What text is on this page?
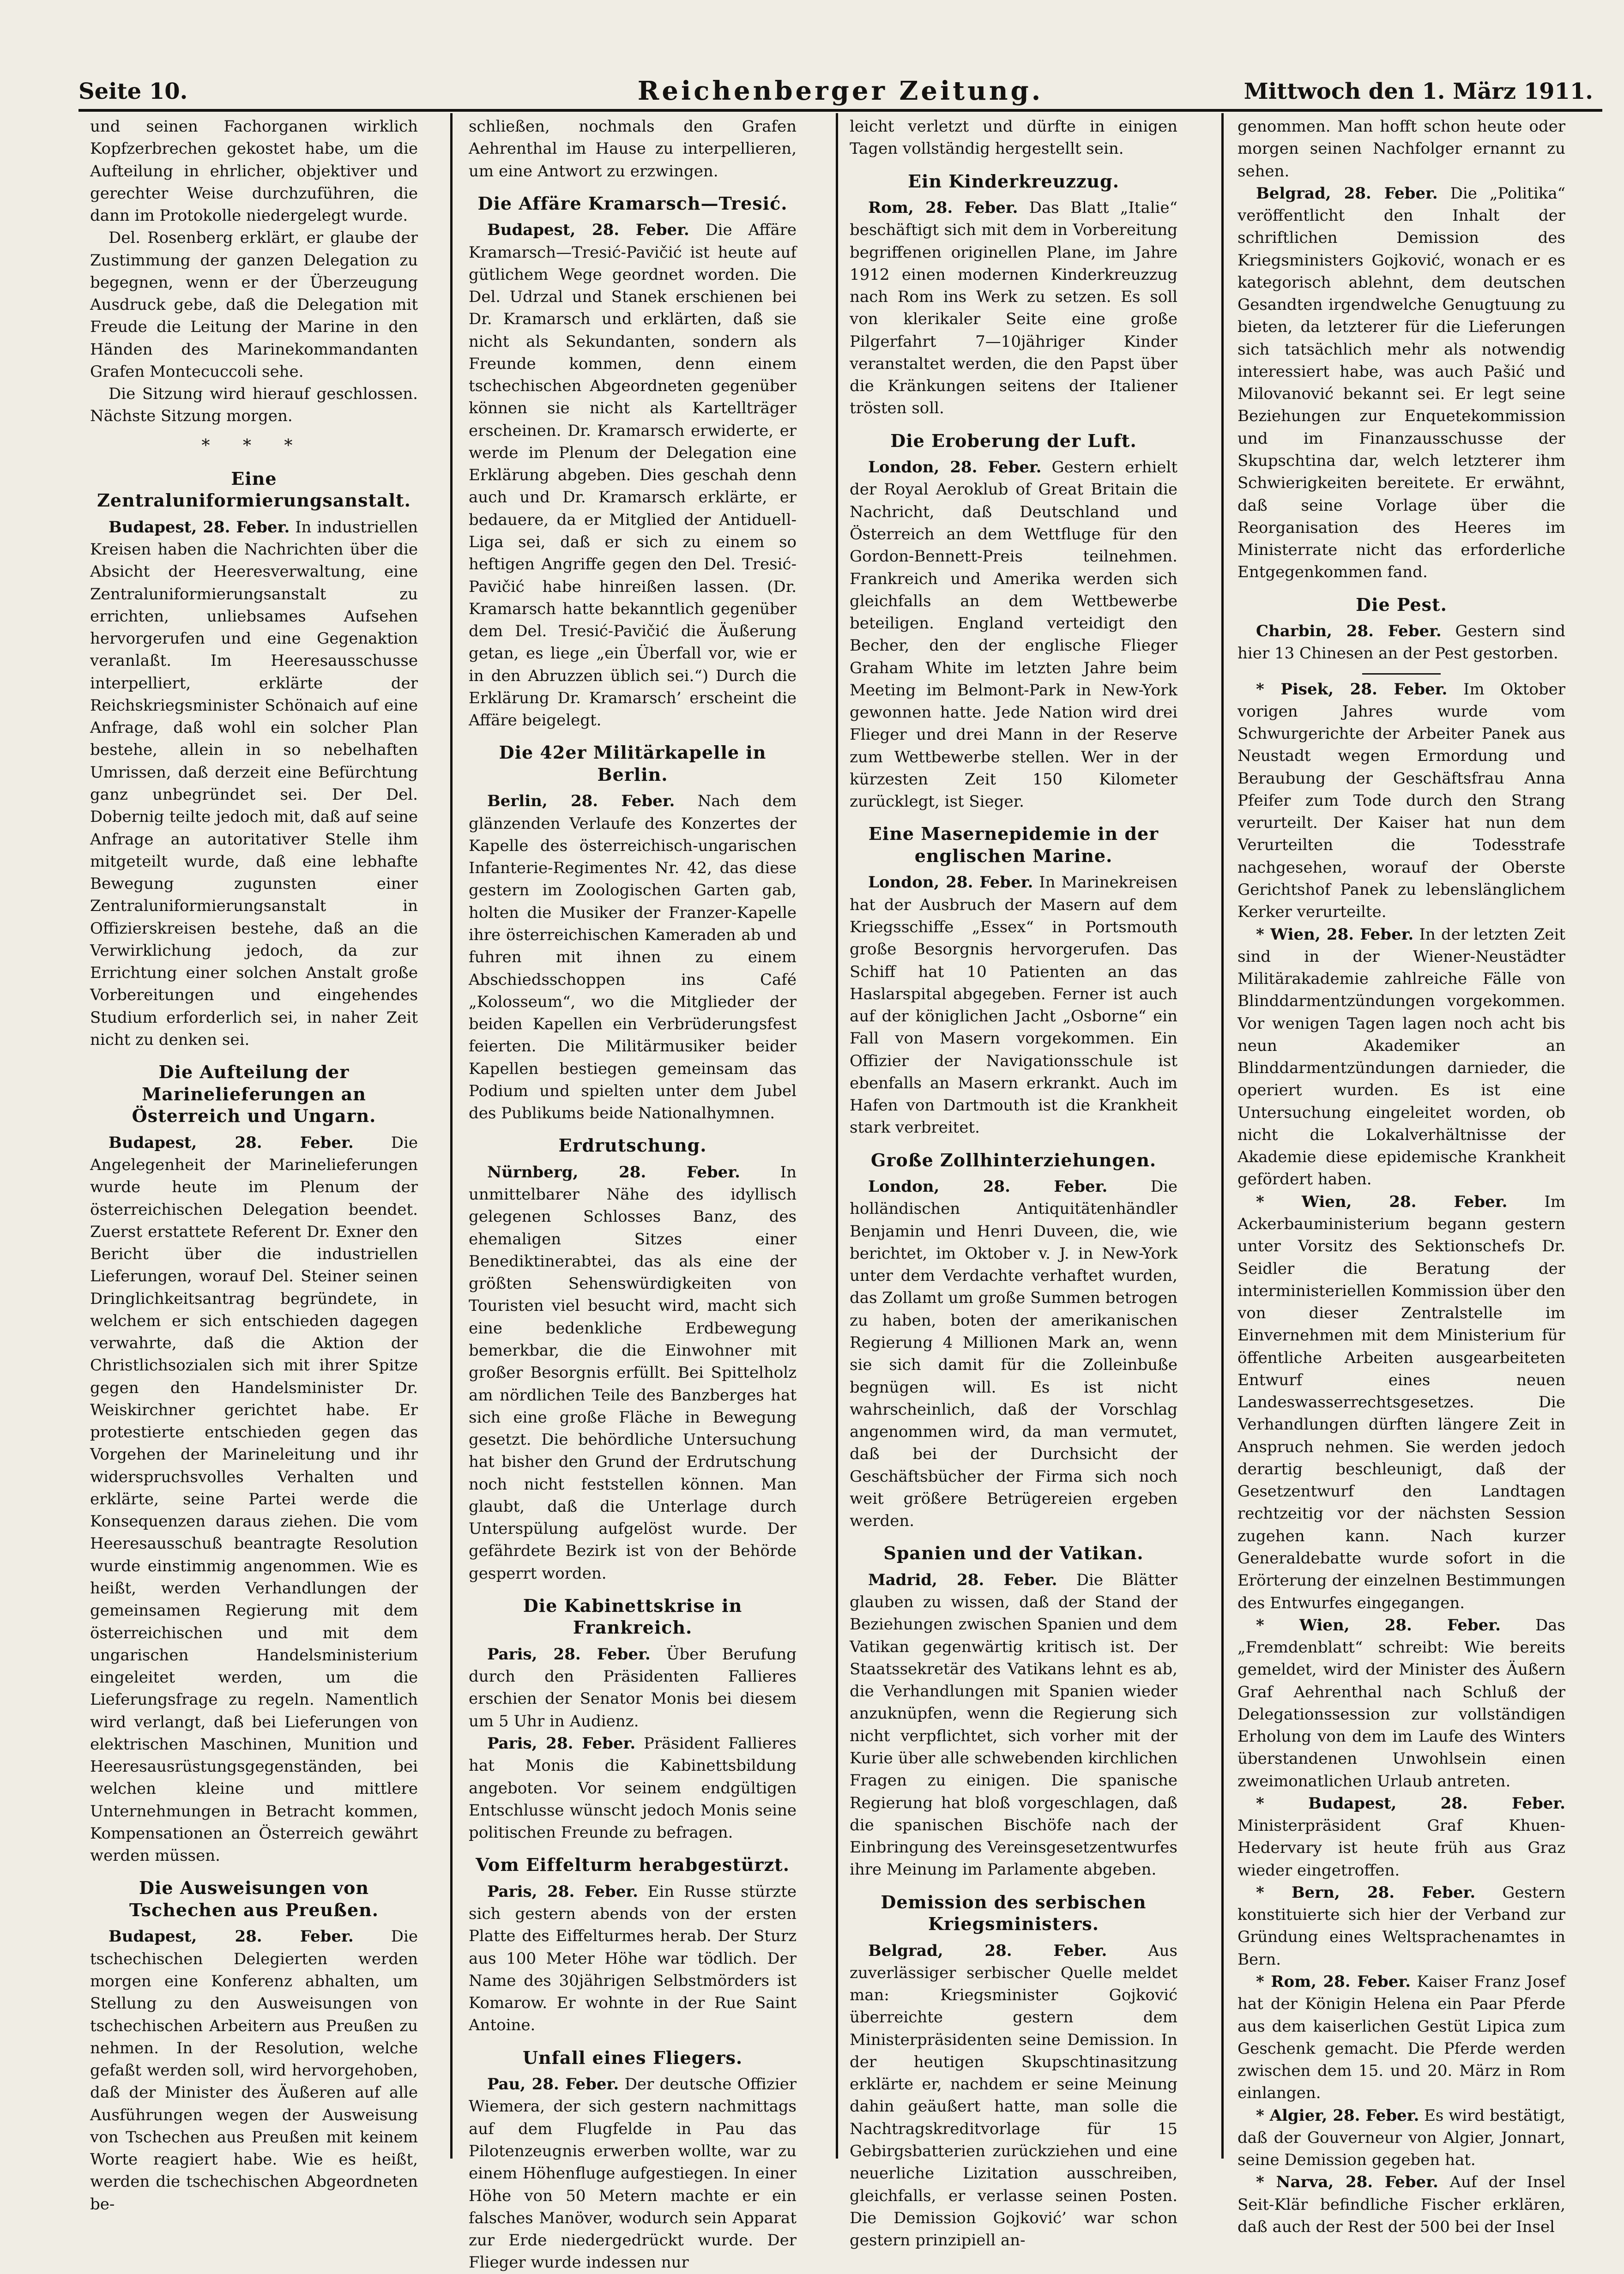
Seite 10.	Reichenberger Zeitung.	Mittwoch den 1. März 1911.

und seinen Fachorganen wirklich Kopfzerbrechen gekostet habe, um die Aufteilung in ehrlicher, objektiver und gerechter Weise durchzuführen, die dann im Protokolle niedergelegt wurde.

Del. Rosenberg erklärt, er glaube der Zustimmung der ganzen Delegation zu begegnen, wenn er der Überzeugung Ausdruck gebe, daß die Delegation mit Freude die Leitung der Marine in den Händen des Marinekommandanten Grafen Montecuccoli sehe.

Die Sitzung wird hierauf geschlossen. Nächste Sitzung morgen.

* * *
Eine Zentraluniformierungsanstalt.

Budapest, 28. Feber. In industriellen Kreisen haben die Nachrichten über die Absicht der Heeresverwaltung, eine Zentraluniformierungsanstalt zu errichten, unliebsames Aufsehen hervorgerufen und eine Gegenaktion veranlaßt. Im Heeresausschusse interpelliert, erklärte der Reichskriegsminister Schönaich auf eine Anfrage, daß wohl ein solcher Plan bestehe, allein in so nebelhaften Umrissen, daß derzeit eine Befürchtung ganz unbegründet sei. Der Del. Dobernig teilte jedoch mit, daß auf seine Anfrage an autoritativer Stelle ihm mitgeteilt wurde, daß eine lebhafte Bewegung zugunsten einer Zentraluniformierungsanstalt in Offizierskreisen bestehe, daß an die Verwirklichung jedoch, da zur Errichtung einer solchen Anstalt große Vorbereitungen und eingehendes Studium erforderlich sei, in naher Zeit nicht zu denken sei.

Die Aufteilung der Marinelieferungen an Österreich und Ungarn.

Budapest, 28. Feber. Die Angelegenheit der Marinelieferungen wurde heute im Plenum der österreichischen Delegation beendet. Zuerst erstattete Referent Dr. Exner den Bericht über die industriellen Lieferungen, worauf Del. Steiner seinen Dringlichkeitsantrag begründete, in welchem er sich entschieden dagegen verwahrte, daß die Aktion der Christlichsozialen sich mit ihrer Spitze gegen den Handelsminister Dr. Weiskirchner gerichtet habe. Er protestierte entschieden gegen das Vorgehen der Marineleitung und ihr widerspruchsvolles Verhalten und erklärte, seine Partei werde die Konsequenzen daraus ziehen. Die vom Heeresausschuß beantragte Resolution wurde einstimmig angenommen. Wie es heißt, werden Verhandlungen der gemeinsamen Regierung mit dem österreichischen und mit dem ungarischen Handelsministerium eingeleitet werden, um die Lieferungsfrage zu regeln. Namentlich wird verlangt, daß bei Lieferungen von elektrischen Maschinen, Munition und Heeresausrüstungsgegenständen, bei welchen kleine und mittlere Unternehmungen in Betracht kommen, Kompensationen an Österreich gewährt werden müssen.

Die Ausweisungen von Tschechen aus Preußen.

Budapest, 28. Feber. Die tschechischen Delegierten werden morgen eine Konferenz abhalten, um Stellung zu den Ausweisungen von tschechischen Arbeitern aus Preußen zu nehmen. In der Resolution, welche gefaßt werden soll, wird hervorgehoben, daß der Minister des Äußeren auf alle Ausführungen wegen der Ausweisung von Tschechen aus Preußen mit keinem Worte reagiert habe. Wie es heißt, werden die tschechischen Abgeordneten be-

schließen, nochmals den Grafen Aehrenthal im Hause zu interpellieren, um eine Antwort zu erzwingen.

Die Affäre Kramarsch—Tresić.

Budapest, 28. Feber. Die Affäre Kramarsch—Tresić-Pavičić ist heute auf gütlichem Wege geordnet worden. Die Del. Udrzal und Stanek erschienen bei Dr. Kramarsch und erklärten, daß sie nicht als Sekundanten, sondern als Freunde kommen, denn einem tschechischen Abgeordneten gegenüber können sie nicht als Kartellträger erscheinen. Dr. Kramarsch erwiderte, er werde im Plenum der Delegation eine Erklärung abgeben. Dies geschah denn auch und Dr. Kramarsch erklärte, er bedauere, da er Mitglied der Antiduell-Liga sei, daß er sich zu einem so heftigen Angriffe gegen den Del. Tresić-Pavičić habe hinreißen lassen. (Dr. Kramarsch hatte bekanntlich gegenüber dem Del. Tresić-Pavičić die Äußerung getan, es liege „ein Überfall vor, wie er in den Abruzzen üblich sei.“) Durch die Erklärung Dr. Kramarsch’ erscheint die Affäre beigelegt.

Die 42er Militärkapelle in Berlin.

Berlin, 28. Feber. Nach dem glänzenden Verlaufe des Konzertes der Kapelle des österreichisch-ungarischen Infanterie-Regimentes Nr. 42, das diese gestern im Zoologischen Garten gab, holten die Musiker der Franzer-Kapelle ihre österreichischen Kameraden ab und fuhren mit ihnen zu einem Abschiedsschoppen ins Café „Kolosseum“, wo die Mitglieder der beiden Kapellen ein Verbrüderungsfest feierten. Die Militärmusiker beider Kapellen bestiegen gemeinsam das Podium und spielten unter dem Jubel des Publikums beide Nationalhymnen.

Erdrutschung.

Nürnberg, 28. Feber.	In unmittelbarer Nähe des idyllisch gelegenen Schlosses Banz, des ehemaligen Sitzes einer Benediktinerabtei, das als eine der größten Sehenswürdigkeiten von Touristen viel besucht wird, macht sich eine bedenkliche Erdbewegung bemerkbar, die die Einwohner mit großer Besorgnis erfüllt. Bei Spittelholz am nördlichen Teile des Banzberges hat sich eine große Fläche in Bewegung gesetzt. Die behördliche Untersuchung hat bisher den Grund der Erdrutschung noch nicht feststellen können. Man glaubt, daß die Unterlage durch Unterspülung aufgelöst wurde. Der gefährdete Bezirk ist von der Behörde gesperrt worden.

Die Kabinettskrise in Frankreich.

Paris, 28. Feber. Über Berufung durch den Präsidenten Fallieres erschien der Senator Monis bei diesem um 5 Uhr in Audienz.

Paris, 28. Feber. Präsident Fallieres hat Monis die Kabinettsbildung angeboten. Vor seinem endgültigen Entschlusse wünscht jedoch Monis seine politischen Freunde zu befragen.

Vom Eiffelturm herabgestürzt.

Paris, 28. Feber. Ein Russe stürzte sich gestern abends von der ersten Platte des Eiffelturmes herab. Der Sturz aus 100 Meter Höhe war tödlich. Der Name des 30jährigen Selbstmörders ist Komarow. Er wohnte in der Rue Saint Antoine.

Unfall eines Fliegers.

Pau, 28. Feber. Der deutsche Offizier Wiemera, der sich gestern nachmittags auf dem Flugfelde in Pau das Pilotenzeugnis erwerben wollte, war zu einem Höhenfluge aufgestiegen. In einer Höhe von 50 Metern machte er ein falsches Manöver, wodurch sein Apparat zur Erde niedergedrückt wurde. Der Flieger wurde indessen nur

leicht verletzt und dürfte in einigen Tagen vollständig hergestellt sein.

Ein Kinderkreuzzug.

Rom, 28. Feber. Das Blatt „Italie“ beschäftigt sich mit dem in Vorbereitung begriffenen originellen Plane, im Jahre 1912 einen modernen Kinderkreuzzug nach Rom ins Werk zu setzen. Es soll von klerikaler Seite eine große Pilgerfahrt 7—10jähriger Kinder veranstaltet werden, die den Papst über die Kränkungen seitens der Italiener trösten soll.

Die Eroberung der Luft.

London, 28. Feber. Gestern erhielt der Royal Aeroklub of Great Britain die Nachricht, daß Deutschland und Österreich an dem Wettfluge für den Gordon-Bennett-Preis teilnehmen. Frankreich und Amerika werden sich gleichfalls an dem Wettbewerbe beteiligen. England verteidigt den Becher, den der englische Flieger Graham White im letzten Jahre beim Meeting im Belmont-Park in New-York gewonnen hatte. Jede Nation wird drei Flieger und drei Mann in der Reserve zum Wettbewerbe stellen. Wer in der kürzesten Zeit 150 Kilometer zurücklegt, ist Sieger.

Eine Masernepidemie in der englischen Marine.

London, 28. Feber. In Marinekreisen hat der Ausbruch der Masern auf dem Kriegsschiffe „Essex“ in Portsmouth große Besorgnis hervorgerufen. Das Schiff hat 10 Patienten an das Haslarspital abgegeben. Ferner ist auch auf der königlichen Jacht „Osborne“ ein Fall von Masern vorgekommen. Ein Offizier der Navigationsschule ist ebenfalls an Masern erkrankt. Auch im Hafen von Dartmouth ist die Krankheit stark verbreitet.

Große Zollhinterziehungen.

London, 28. Feber.	Die holländischen Antiquitätenhändler Benjamin und Henri Duveen, die, wie berichtet, im Oktober v. J. in New-York unter dem Verdachte verhaftet wurden, das Zollamt um große Summen betrogen zu haben, boten der amerikanischen Regierung 4 Millionen Mark an, wenn sie sich damit für die Zolleinbuße begnügen will. Es ist nicht wahrscheinlich, daß der Vorschlag angenommen wird, da man vermutet, daß bei der Durchsicht der Geschäftsbücher der Firma sich noch weit größere Betrügereien ergeben werden.

Spanien und der Vatikan.

Madrid, 28. Feber. Die Blätter glauben zu wissen, daß der Stand der Beziehungen zwischen Spanien und dem Vatikan gegenwärtig kritisch ist. Der Staatssekretär des Vatikans lehnt es ab, die Verhandlungen mit Spanien wieder anzuknüpfen, wenn die Regierung sich nicht verpflichtet, sich vorher mit der Kurie über alle schwebenden kirchlichen Fragen zu einigen. Die spanische Regierung hat bloß vorgeschlagen, daß die spanischen Bischöfe nach der Einbringung des Vereinsgesetzentwurfes ihre Meinung im Parlamente abgeben.

Demission des serbischen Kriegsministers.

Belgrad, 28. Feber.	Aus zuverlässiger serbischer Quelle meldet man: Kriegsminister Gojković überreichte gestern dem Ministerpräsidenten seine Demission. In der heutigen Skupschtinasitzung erklärte er, nachdem er seine Meinung dahin geäußert hatte, man solle die Nachtragskreditvorlage für 15 Gebirgsbatterien zurückziehen und eine neuerliche Lizitation ausschreiben, gleichfalls, er verlasse seinen Posten. Die Demission Gojković’ war schon gestern prinzipiell an-

genommen. Man hofft schon heute oder morgen seinen Nachfolger ernannt zu sehen.

Belgrad, 28. Feber. Die „Politika“ veröffentlicht den Inhalt der schriftlichen Demission des Kriegsministers Gojković, wonach er es kategorisch ablehnt, dem deutschen Gesandten irgendwelche Genugtuung zu bieten, da letzterer für die Lieferungen sich tatsächlich mehr als notwendig interessiert habe, was auch Pašić und Milovanović bekannt sei. Er legt seine Beziehungen zur Enquetekommission und im Finanzausschusse der Skupschtina dar, welch letzterer ihm Schwierigkeiten bereitete. Er erwähnt, daß seine Vorlage über die Reorganisation des Heeres im Ministerrate nicht das erforderliche Entgegenkommen fand.

Die Pest.

Charbin, 28. Feber. Gestern sind hier 13 Chinesen an der Pest gestorben.

* Pisek, 28. Feber. Im Oktober vorigen Jahres wurde vom Schwurgerichte der Arbeiter Panek aus Neustadt wegen Ermordung und Beraubung der Geschäftsfrau Anna Pfeifer zum Tode durch den Strang verurteilt. Der Kaiser hat nun dem Verurteilten die Todesstrafe nachgesehen, worauf der Oberste Gerichtshof Panek zu lebenslänglichem Kerker verurteilte.

* Wien, 28. Feber. In der letzten Zeit sind in der Wiener-Neustädter Militärakademie zahlreiche Fälle von Blinddarmentzündungen vorgekommen. Vor wenigen Tagen lagen noch acht bis neun Akademiker an Blinddarmentzündungen darnieder, die operiert wurden. Es ist eine Untersuchung eingeleitet worden, ob nicht die Lokalverhältnisse der Akademie diese epidemische Krankheit gefördert haben.

* Wien, 28. Feber. Im Ackerbauministerium begann gestern unter Vorsitz des Sektionschefs Dr. Seidler die Beratung der interministeriellen Kommission über den von dieser Zentralstelle im Einvernehmen mit dem Ministerium für öffentliche Arbeiten ausgearbeiteten Entwurf eines neuen Landeswasserrechtsgesetzes. Die Verhandlungen dürften längere Zeit in Anspruch nehmen. Sie werden jedoch derartig beschleunigt, daß der Gesetzentwurf den Landtagen rechtzeitig vor der nächsten Session zugehen kann. Nach kurzer Generaldebatte wurde sofort in die Erörterung der einzelnen Bestimmungen des Entwurfes eingegangen.

* Wien, 28. Feber. Das „Fremdenblatt“ schreibt: Wie bereits gemeldet, wird der Minister des Äußern Graf Aehrenthal nach Schluß der Delegationssession zur vollständigen Erholung von dem im Laufe des Winters überstandenen Unwohlsein einen zweimonatlichen Urlaub antreten.

* Budapest, 28. Feber. Ministerpräsident Graf Khuen-Hedervary ist heute früh aus Graz wieder eingetroffen.

* Bern, 28. Feber. Gestern konstituierte sich hier der Verband zur Gründung eines Weltsprachenamtes in Bern.

* Rom, 28. Feber. Kaiser Franz Josef hat der Königin Helena ein Paar Pferde aus dem kaiserlichen Gestüt Lipica zum Geschenk gemacht. Die Pferde werden zwischen dem 15. und 20. März in Rom einlangen.

* Algier, 28. Feber. Es wird bestätigt, daß der Gouverneur von Algier, Jonnart, seine Demission gegeben hat.

* Narva, 28. Feber. Auf der Insel Seit-Klär befindliche Fischer erklären, daß auch der Rest der 500 bei der Insel
